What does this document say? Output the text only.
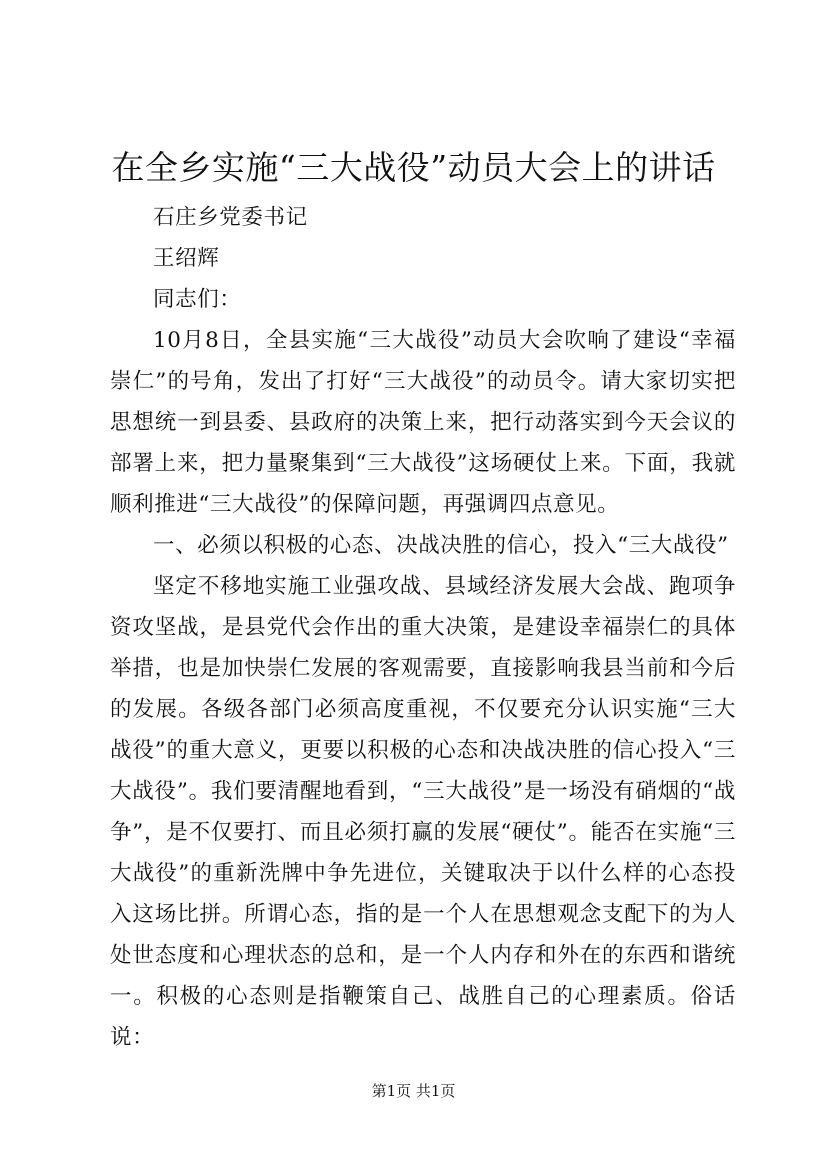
在全乡实施“三大战役”动员大会上的讲话

石庄乡党委书记

王绍辉

同志们：

10月8日，全县实施“三大战役”动员大会吹响了建设“幸福崇仁”的号角，发出了打好“三大战役”的动员令。请大家切实把思想统一到县委、县政府的决策上来，把行动落实到今天会议的部署上来，把力量聚集到“三大战役”这场硬仗上来。下面，我就顺利推进“三大战役”的保障问题，再强调四点意见。

一、必须以积极的心态、决战决胜的信心，投入“三大战役”

坚定不移地实施工业强攻战、县域经济发展大会战、跑项争资攻坚战，是县党代会作出的重大决策，是建设幸福崇仁的具体举措，也是加快崇仁发展的客观需要，直接影响我县当前和今后的发展。各级各部门必须高度重视，不仅要充分认识实施“三大战役”的重大意义，更要以积极的心态和决战决胜的信心投入“三大战役”。我们要清醒地看到，“三大战役”是一场没有硝烟的“战争”，是不仅要打、而且必须打赢的发展“硬仗”。能否在实施“三大战役”的重新洗牌中争先进位，关键取决于以什么样的心态投入这场比拼。所谓心态，指的是一个人在思想观念支配下的为人处世态度和心理状态的总和，是一个人内存和外在的东西和谐统一。积极的心态则是指鞭策自己、战胜自己的心理素质。俗话说：

第1页 共1页
